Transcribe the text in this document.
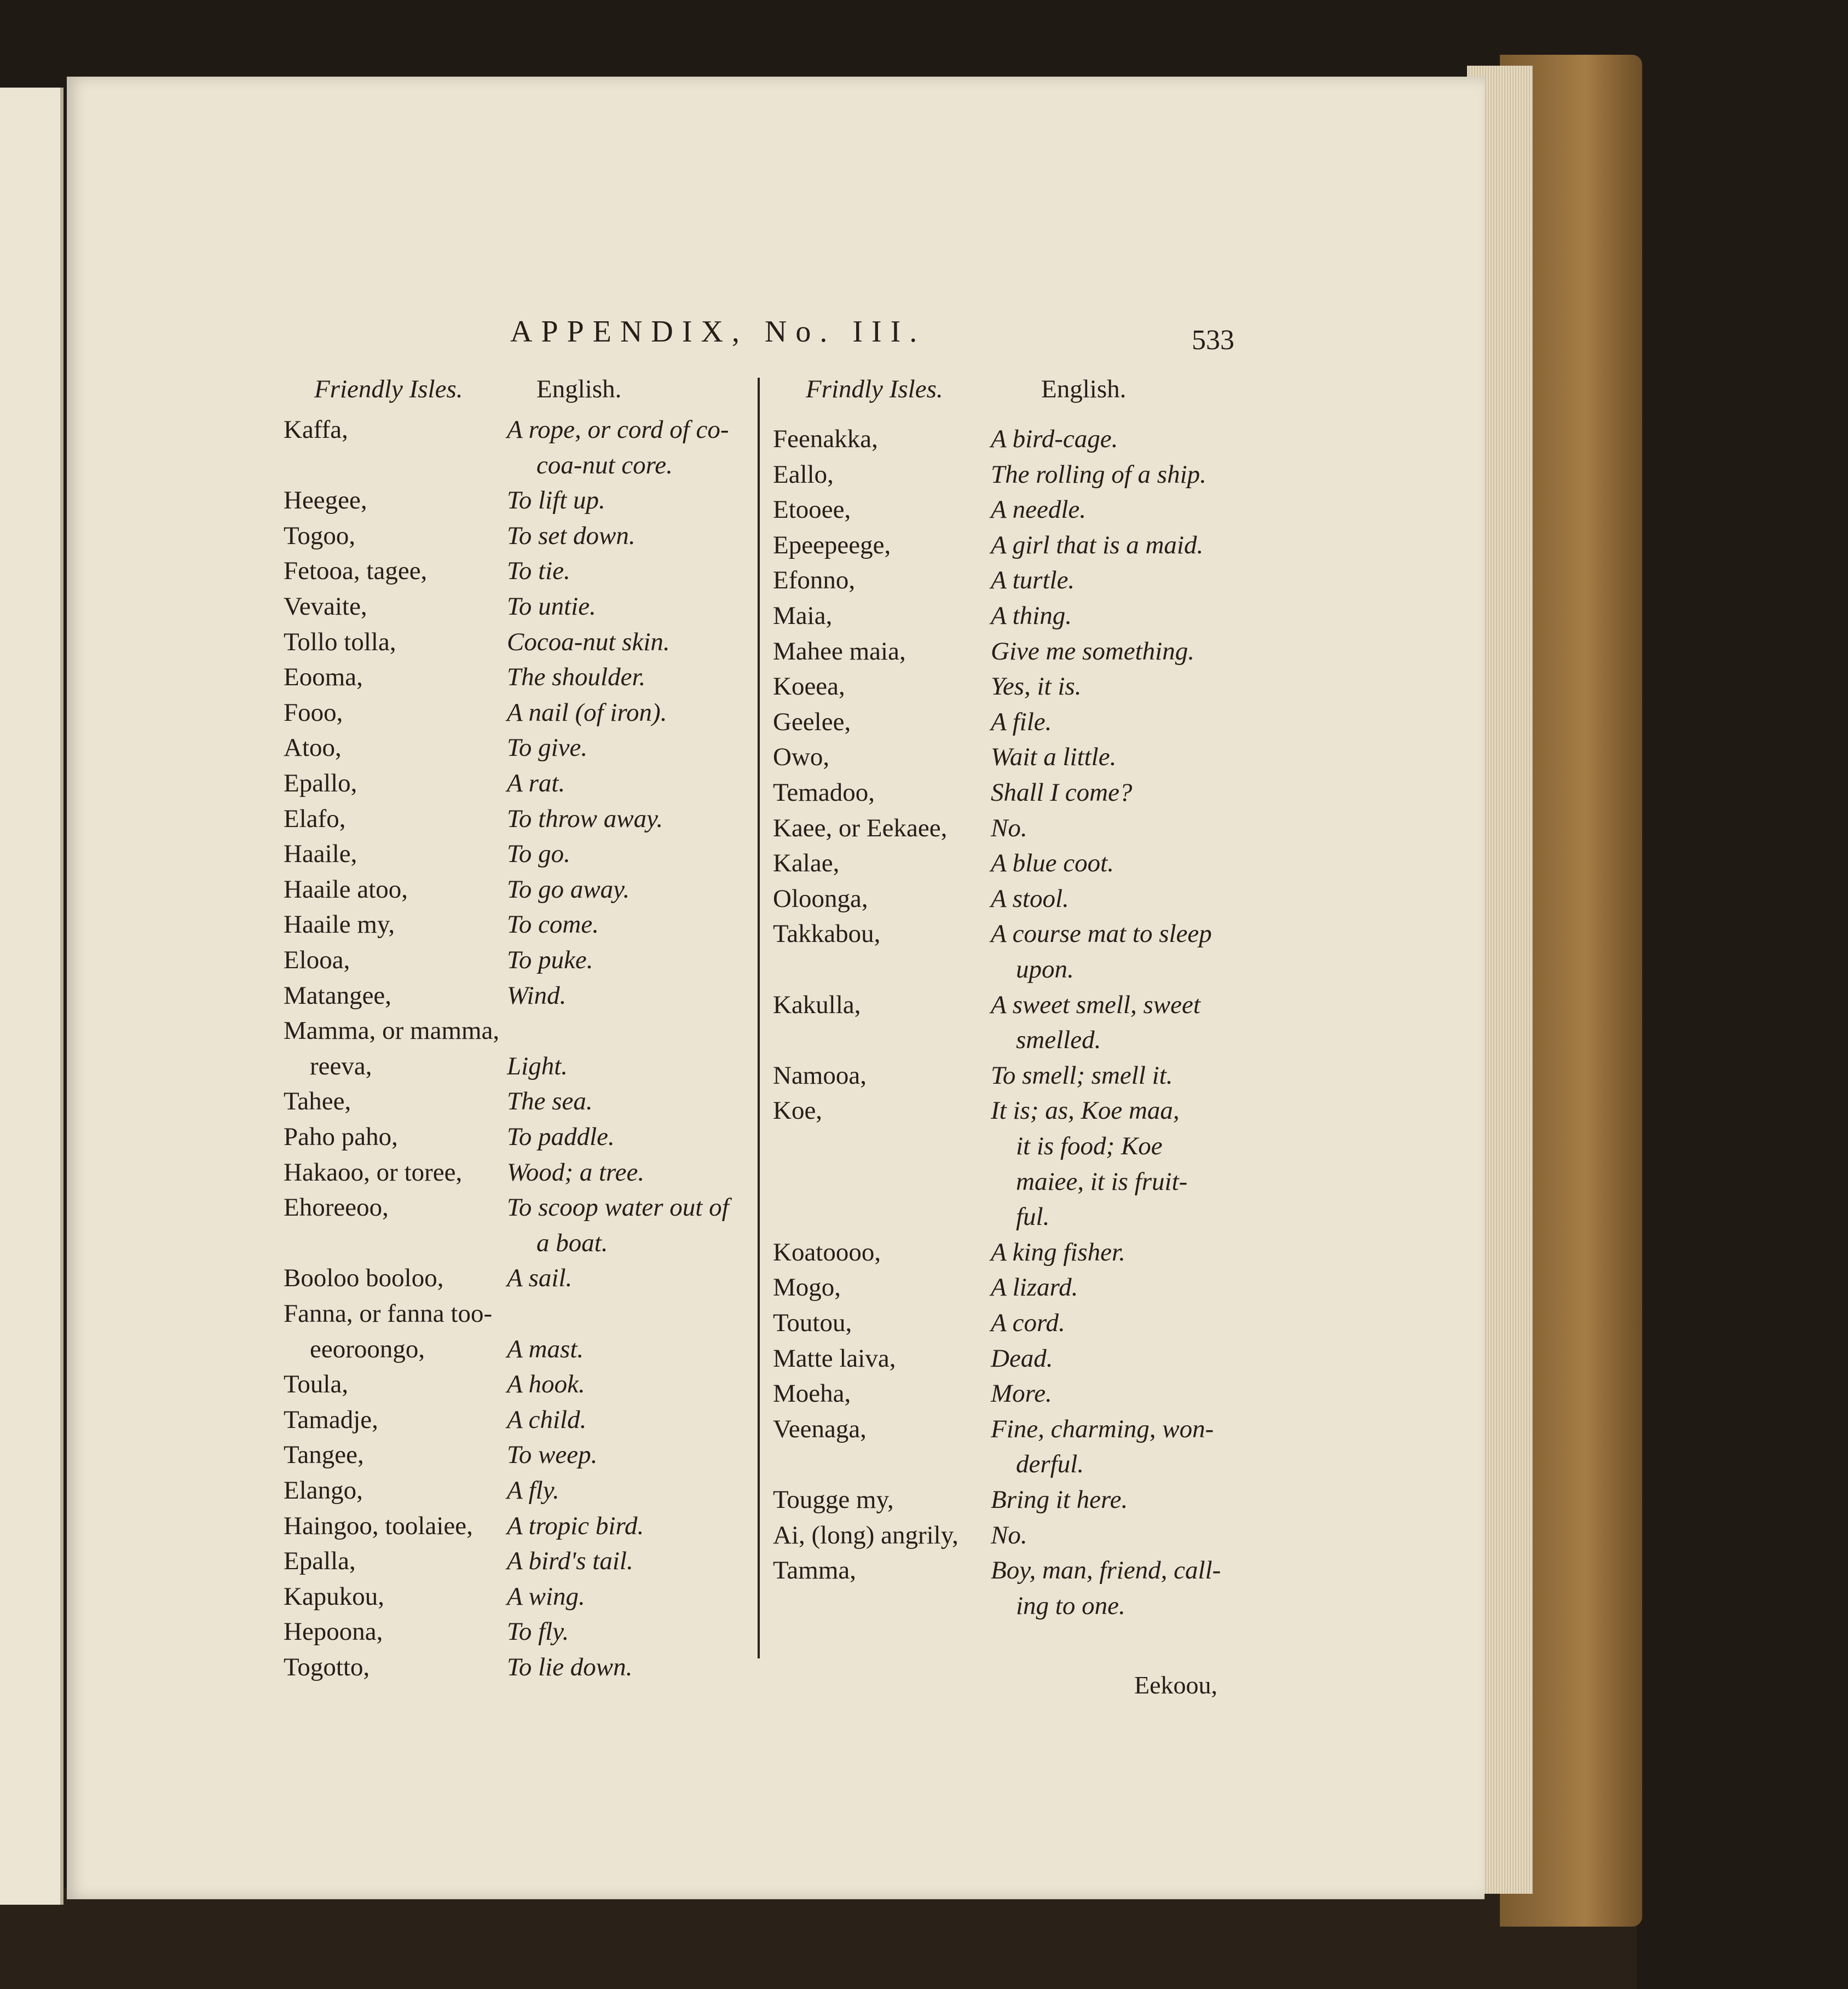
APPENDIX, No. III.	533
Friendly Isles.	English.	Frindly Isles.	English.
Kaffa,	A rope, or cord of co-
coa-nut core.
Heegee,	To lift up.
Togoo,	To set down.
Fetooa, tagee,	To tie.
Vevaite,	To untie.
Tollo tolla,	Cocoa-nut skin.
Eooma,	The shoulder.
Fooo,	A nail (of iron).
Atoo,	To give.
Epallo,	A rat.
Elafo,	To throw away.
Haaile,	To go.
Haaile atoo,	To go away.
Haaile my,	To come.
Elooa,	To puke.
Matangee,	Wind.
Mamma, or mamma,
reeva,	Light.
Tahee,	The sea.
Paho paho,	To paddle.
Hakaoo, or toree, Wood; a tree.
Ehoreeoo,	To scoop water out of
a boat.
Booloo booloo, A sail.
Fanna, or fanna too-
eeoroongo,	A mast.
Toula,	A hook.
Tamadje,	A child.
Tangee,	To weep.
Elango,	A fly.
Haingoo, toolaiee, A tropic bird.
Epalla,	A bird's tail.
Kapukou,	A wing.
Hepoona,	To fly.
Togotto,	To lie down.
Feenakka,	A bird-cage.
Eallo,	The rolling of a ship.
Etooee,	A needle.
Epeepeege,	A girl that is a maid.
Efonno,	A turtle.
Maia,	A thing.
Mahee maia,	Give me something.
Koeea,	Yes, it is.
Geelee,	A file.
Owo,	Wait a little.
Temadoo,	Shall I come?
Kaee, or Eekaee, No.
Kalae,	A blue coot.
Oloonga,	A stool.
Takkabou,	A course mat to sleep
upon.
Kakulla,	A sweet smell, sweet
smelled.
Namooa,	To smell; smell it.
Koe,	It is; as, Koe maa,
it is food; Koe
maiee, it is fruit-
ful.
Koatoooo,	A king fisher.
Mogo,	A lizard.
Toutou,	A cord.
Matte laiva,	Dead.
Moeha,	More.
Veenaga,	Fine, charming, won-
derful.
Tougge my,	Bring it here.
Ai, (long) angrily, No.
Tamma,	Boy, man, friend, call-
ing to one.
Eekoou,
